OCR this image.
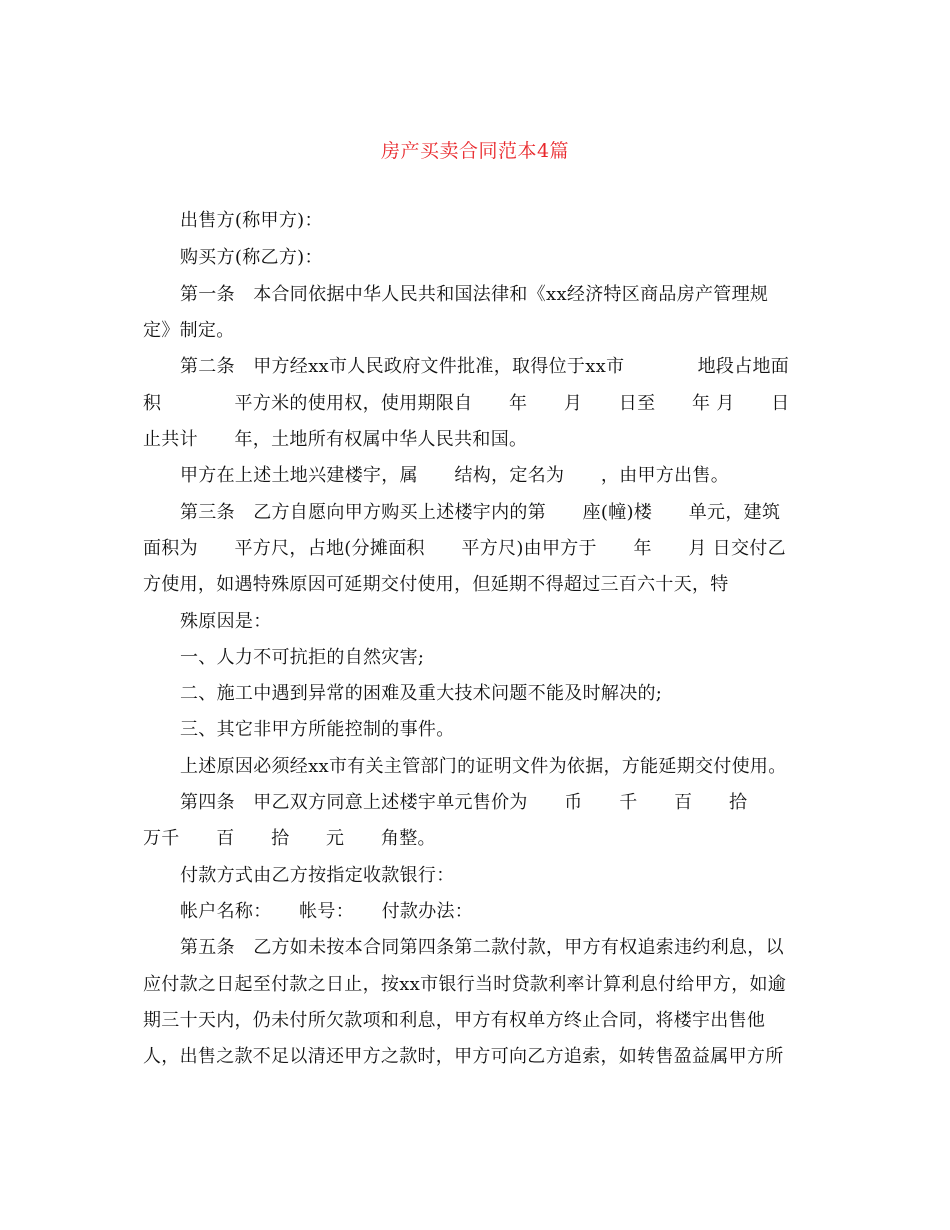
房产买卖合同范本4篇
出售方(称甲方)：
购买方(称乙方)：
第一条　本合同依据中华人民共和国法律和《xx经济特区商品房产管理规
定》制定。
第二条　甲方经xx市人民政府文件批准，取得位于xx市　　　　地段占地面
积　　　　平方米的使用权，使用期限自　　年　　月　　日至　　年 月　　日
止共计　　年，土地所有权属中华人民共和国。
甲方在上述土地兴建楼宇，属　　结构，定名为　　，由甲方出售。
第三条　乙方自愿向甲方购买上述楼宇内的第　　座(幢)楼　　单元，建筑
面积为　　平方尺，占地(分摊面积　　平方尺)由甲方于　　年　　月 日交付乙
方使用，如遇特殊原因可延期交付使用，但延期不得超过三百六十天，特
殊原因是：
一、人力不可抗拒的自然灾害;
二、施工中遇到异常的困难及重大技术问题不能及时解决的;
三、其它非甲方所能控制的事件。
上述原因必须经xx市有关主管部门的证明文件为依据，方能延期交付使用。
第四条　甲乙双方同意上述楼宇单元售价为　　币　　千　　百　　拾
万千　　百　　拾　　元　　角整。
付款方式由乙方按指定收款银行：
帐户名称：　　帐号：　　付款办法：
第五条　乙方如未按本合同第四条第二款付款，甲方有权追索违约利息，以
应付款之日起至付款之日止，按xx市银行当时贷款利率计算利息付给甲方，如逾
期三十天内，仍未付所欠款项和利息，甲方有权单方终止合同，将楼宇出售他
人，出售之款不足以清还甲方之款时，甲方可向乙方追索，如转售盈益属甲方所
